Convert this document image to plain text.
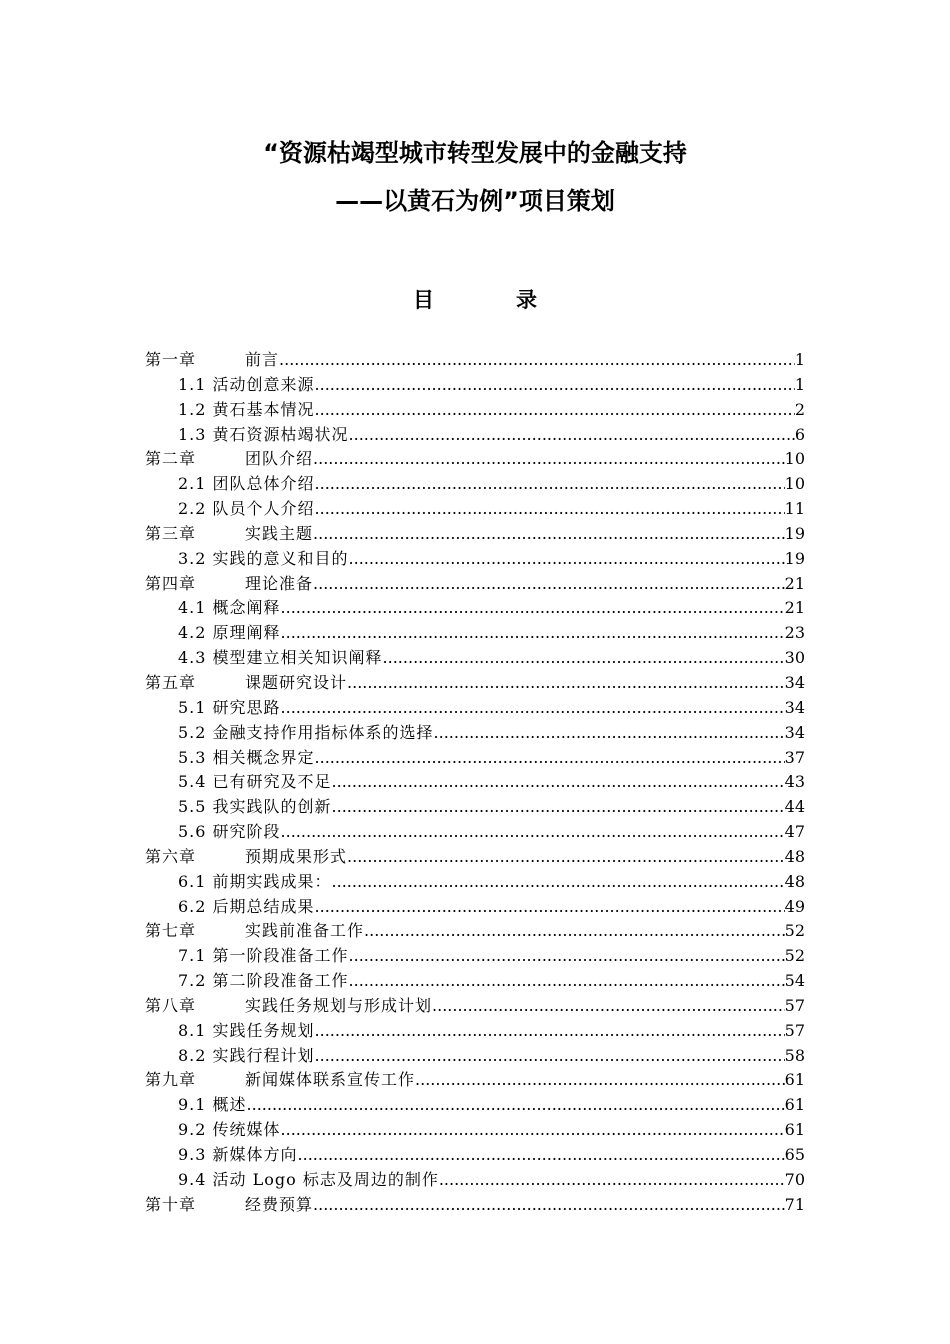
“资源枯竭型城市转型发展中的金融支持
——以黄石为例”项目策划
目	录
第一章	前言 .....	1
1.1 活动创意来源 .....	1
1.2 黄石基本情况 .....	2
1.3 黄石资源枯竭状况 .....	6
第二章	团队介绍 .....	10
2.1 团队总体介绍 .....	10
2.2 队员个人介绍 .....	11
第三章	实践主题 .....	19
3.2 实践的意义和目的 .....	19
第四章	理论准备 .....	21
4.1 概念阐释 .....	21
4.2 原理阐释 .....	23
4.3 模型建立相关知识阐释 .....	30
第五章	课题研究设计 .....	34
5.1 研究思路 .....	34
5.2 金融支持作用指标体系的选择 .....	34
5.3 相关概念界定 .....	37
5.4 已有研究及不足 .....	43
5.5 我实践队的创新 .....	44
5.6 研究阶段 .....	47
第六章	预期成果形式 .....	48
6.1 前期实践成果： .....	48
6.2 后期总结成果 .....	49
第七章	实践前准备工作 .....	52
7.1 第一阶段准备工作 .....	52
7.2 第二阶段准备工作 .....	54
第八章	实践任务规划与形成计划 .....	57
8.1 实践任务规划 .....	57
8.2 实践行程计划 .....	58
第九章	新闻媒体联系宣传工作 .....	61
9.1 概述 .....	61
9.2 传统媒体 .....	61
9.3 新媒体方向 .....	65
9.4 活动 Logo 标志及周边的制作 .....	70
第十章	经费预算 .....	71
